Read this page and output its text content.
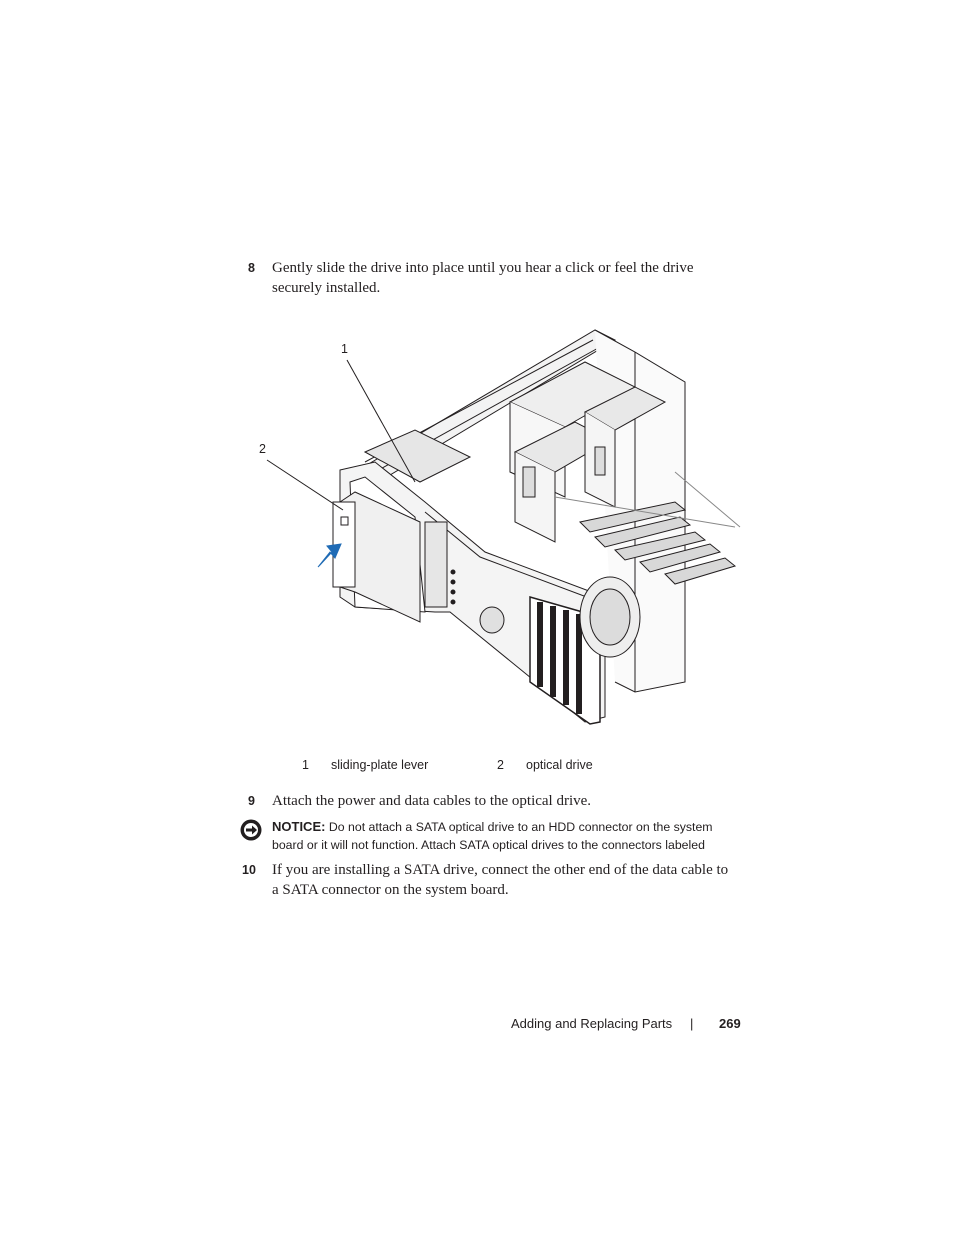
8 Gently slide the drive into place until you hear a click or feel the drive securely installed.
1
2
1 sliding-plate lever	2 optical drive
9 Attach the power and data cables to the optical drive.
NOTICE: Do not attach a SATA optical drive to an HDD connector on the system board or it will not function. Attach SATA optical drives to the connectors labeled
10 If you are installing a SATA drive, connect the other end of the data cable to a SATA connector on the system board.
Adding and Replacing Parts | 269
